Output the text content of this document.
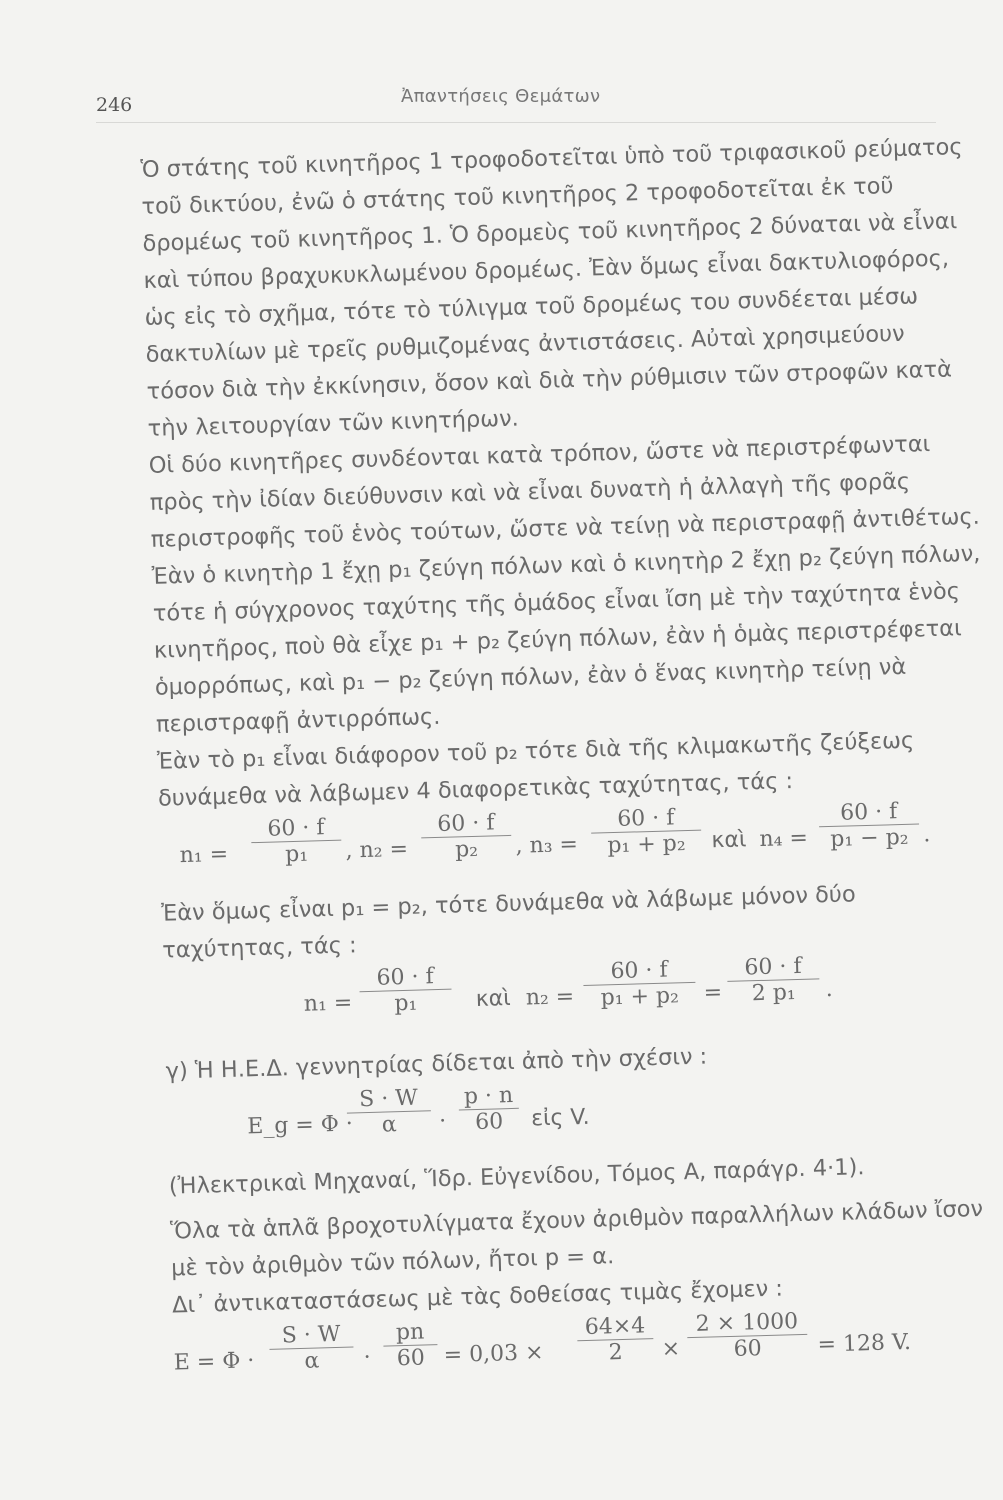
246	Ἀπαντήσεις Θεμάτων

Ὁ στάτης τοῦ κινητῆρος 1 τροφοδοτεῖται ὑπὸ τοῦ τριφασικοῦ ρεύματος τοῦ δικτύου, ἐνῶ ὁ στάτης τοῦ κινητῆρος 2 τροφοδοτεῖται ἐκ τοῦ δρομέως τοῦ κινητῆρος 1. Ὁ δρομεὺς τοῦ κινητῆρος 2 δύναται νὰ εἶναι καὶ τύπου βραχυκυκλωμένου δρομέως. Ἐὰν ὅμως εἶναι δακτυλιοφόρος, ὡς εἰς τὸ σχῆμα, τότε τὸ τύλιγμα τοῦ δρομέως του συνδέεται μέσω δακτυλίων μὲ τρεῖς ρυθμιζομένας ἀντιστάσεις. Αὐταὶ χρησιμεύουν τόσον διὰ τὴν ἐκκίνησιν, ὅσον καὶ διὰ τὴν ρύθμισιν τῶν στροφῶν κατὰ τὴν λειτουργίαν τῶν κινητήρων.

Οἱ δύο κινητῆρες συνδέονται κατὰ τρόπον, ὥστε νὰ περιστρέφωνται πρὸς τὴν ἰδίαν διεύθυνσιν καὶ νὰ εἶναι δυνατὴ ἡ ἀλλαγὴ τῆς φορᾶς περιστροφῆς τοῦ ἑνὸς τούτων, ὥστε νὰ τείνῃ νὰ περιστραφῇ ἀντιθέτως. Ἐὰν ὁ κινητὴρ 1 ἔχῃ p₁ ζεύγη πόλων καὶ ὁ κινητὴρ 2 ἔχῃ p₂ ζεύγη πόλων, τότε ἡ σύγχρονος ταχύτης τῆς ὁμάδος εἶναι ἴση μὲ τὴν ταχύτητα ἑνὸς κινητῆρος, ποὺ θὰ εἶχε p₁ + p₂ ζεύγη πόλων, ἐὰν ἡ ὁμὰς περιστρέφεται ὁμορρόπως, καὶ p₁ − p₂ ζεύγη πόλων, ἐὰν ὁ ἕνας κινητὴρ τείνῃ νὰ περιστραφῇ ἀντιρρόπως.

Ἐὰν τὸ p₁ εἶναι διάφορον τοῦ p₂ τότε διὰ τῆς κλιμακωτῆς ζεύξεως δυνάμεθα νὰ λάβωμεν 4 διαφορετικὰς ταχύτητας, τάς :

$n_1 = \frac{60 \cdot f}{\text{p₁}}$ , $n_2 = \frac{60 \cdot f}{\text{p₂}}$ , $n_3 = \frac{60 \cdot f}{\text{p₁ + p₂}}$ καὶ $n_4 = \frac{60 \cdot f}{\text{p₁ − p₂}}$ .

Ἐὰν ὅμως εἶναι p₁ = p₂, τότε δυνάμεθα νὰ λάβωμε μόνον δύο ταχύτητας, τάς :

$n_1 = \frac{60 \cdot f}{\text{p₁}}$ καὶ $n_2 = \frac{60 \cdot f}{\text{p₁ + p₂}} = \frac{60 \cdot f}{\text{2 p₁}}$ .

γ) Ἡ Η.Ε.Δ. γεννητρίας δίδεται ἀπὸ τὴν σχέσιν :

E_g = Φ ·
$\frac{S \cdot W}{\alpha} \cdot \frac{p \cdot n}{60}$ εἰς V.

(Ἠλεκτρικαὶ Μηχαναί, Ἵδρ. Εὐγενίδου, Τόμος Α, παράγρ. 4·1).

Ὅλα τὰ ἁπλᾶ βροχοτυλίγματα ἔχουν ἀριθμὸν παραλλήλων κλάδων ἴσον μὲ τὸν ἀριθμὸν τῶν πόλων, ἤτοι p = α.

Δι᾽ ἀντικαταστάσεως μὲ τὰς δοθείσας τιμὰς ἔχομεν :

$E = \Phi \cdot \frac{S \cdot W}{\alpha} \cdot \frac{pn}{60} = 0,03 \times \frac{64\times 4}{2} \times \frac{2 \times 1000}{60} = 128$ V.
